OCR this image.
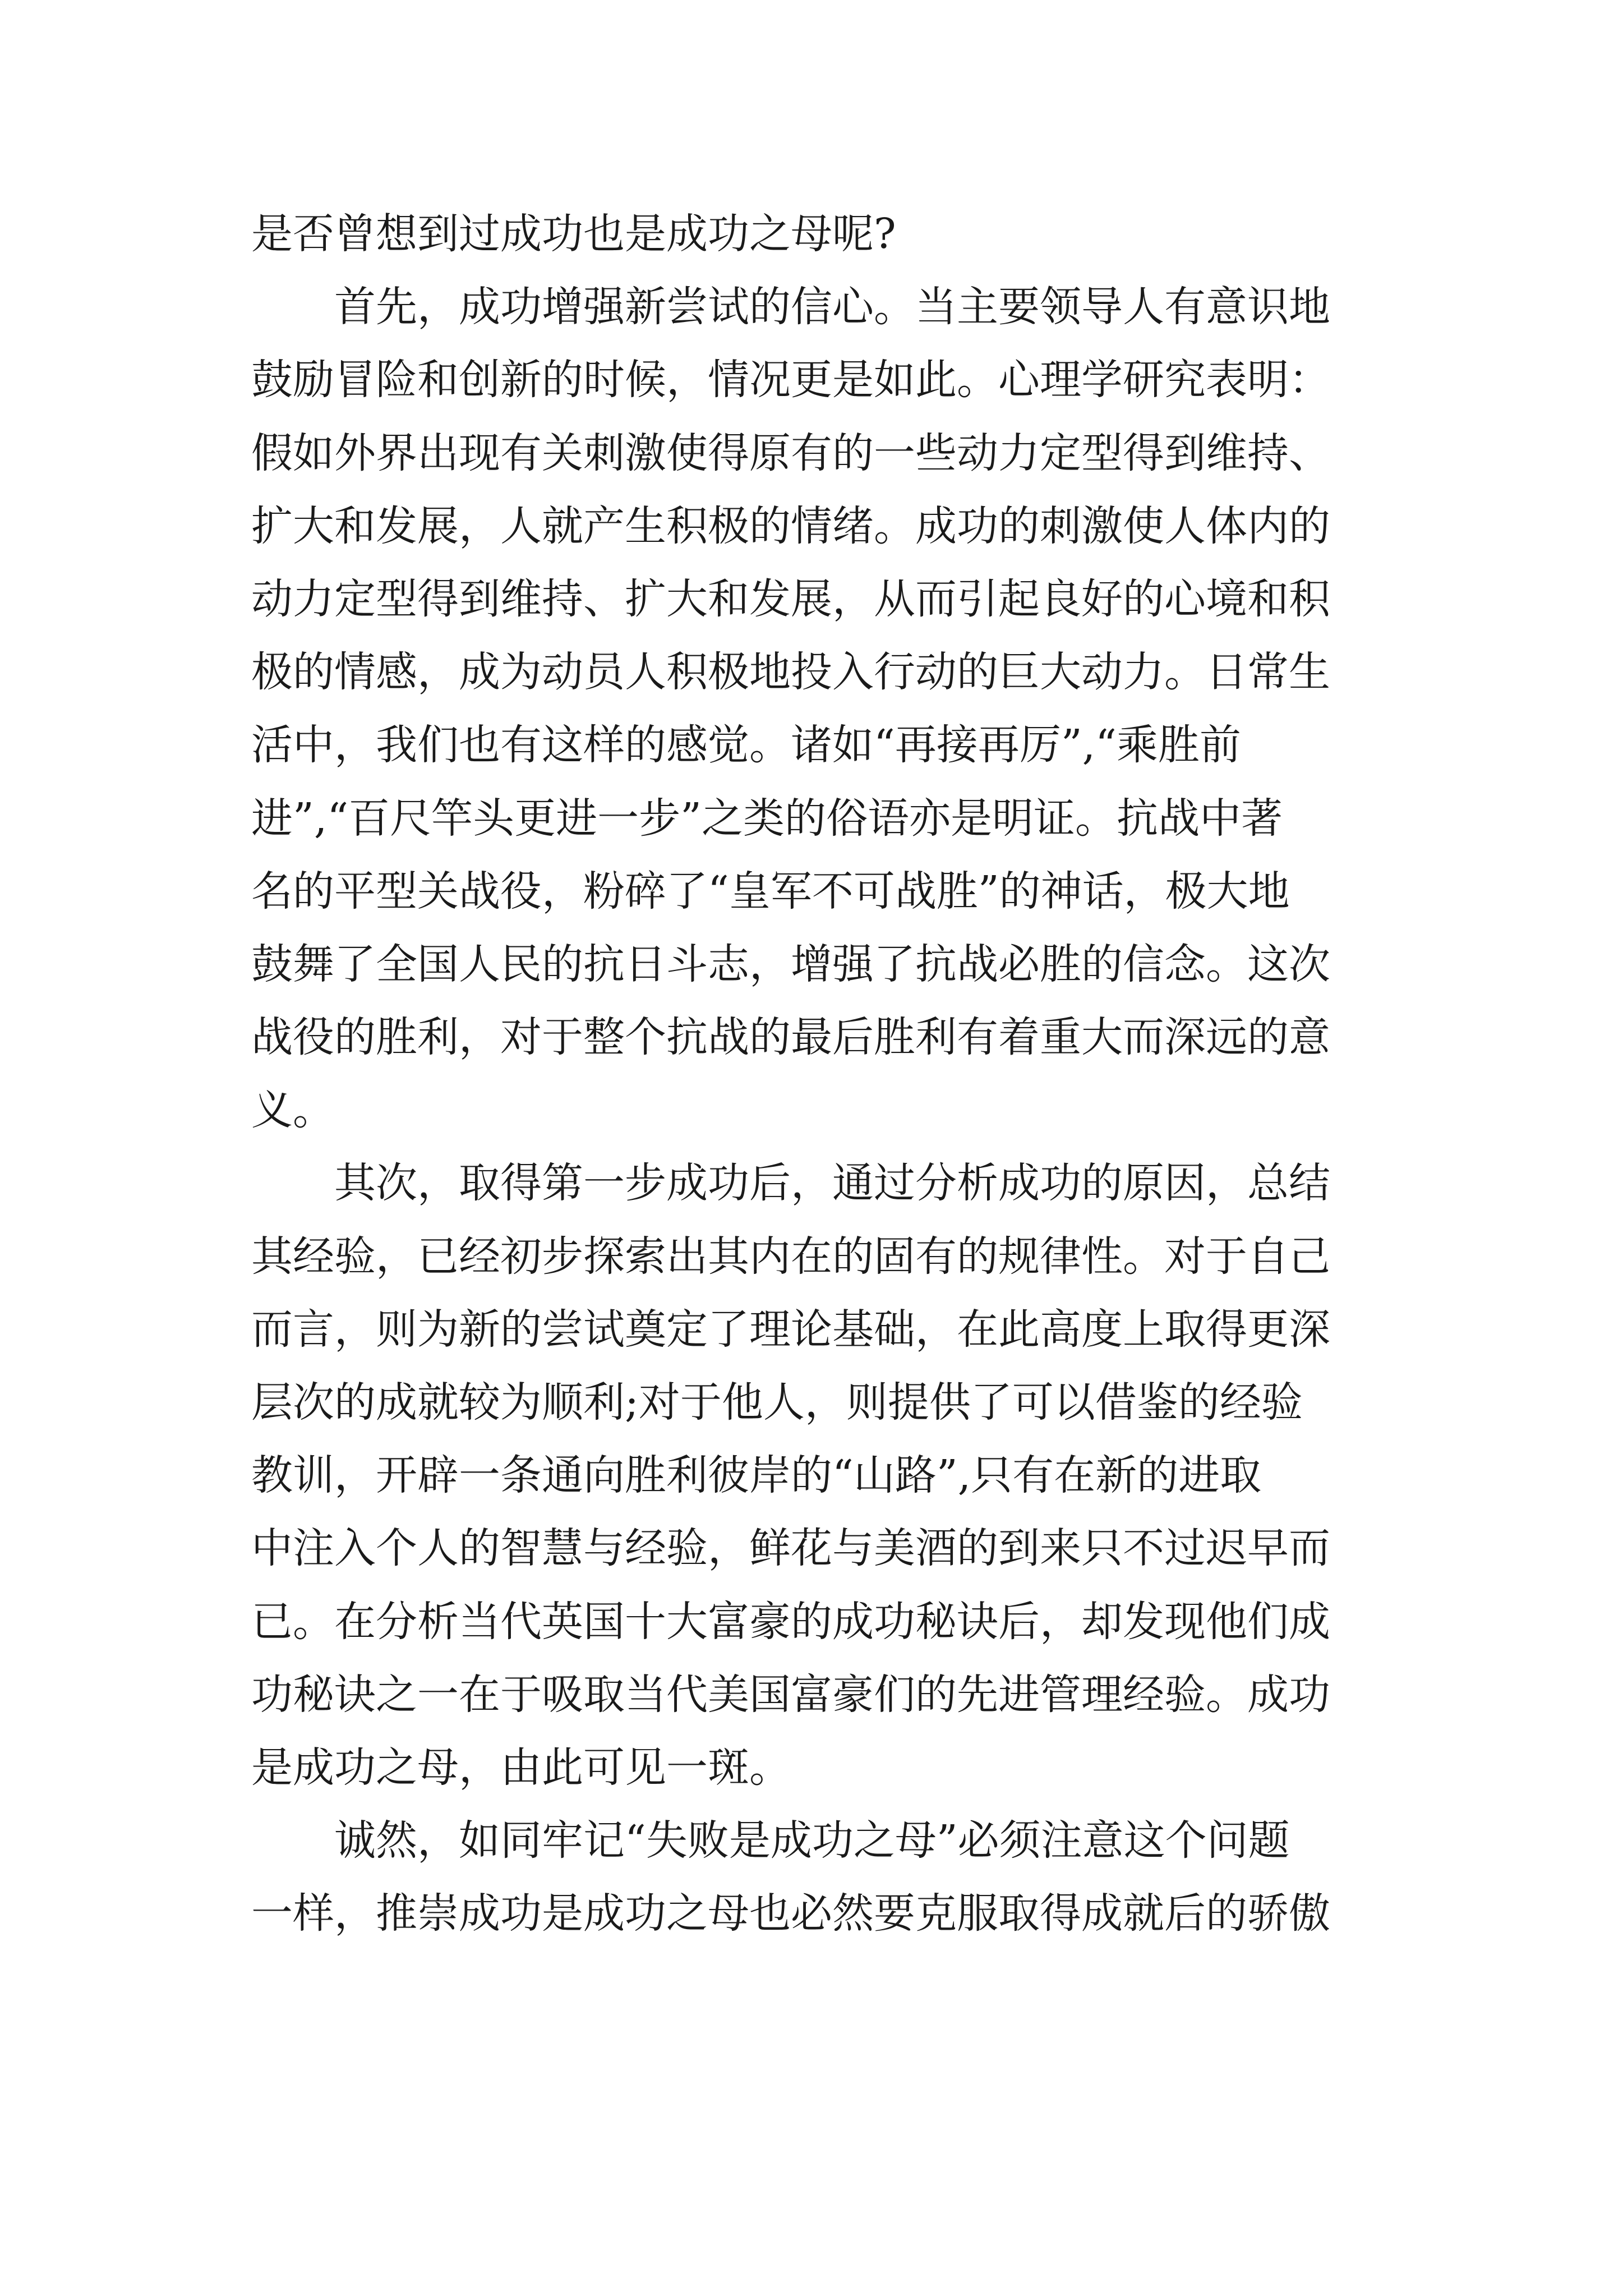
是否曾想到过成功也是成功之母呢?
首先，成功增强新尝试的信心。当主要领导人有意识地
鼓励冒险和创新的时候，情况更是如此。心理学研究表明：
假如外界出现有关刺激使得原有的一些动力定型得到维持、
扩大和发展，人就产生积极的情绪。成功的刺激使人体内的
动力定型得到维持、扩大和发展，从而引起良好的心境和积
极的情感，成为动员人积极地投入行动的巨大动力。日常生
活中，我们也有这样的感觉。诸如“再接再厉”,“乘胜前
进”,“百尺竿头更进一步”之类的俗语亦是明证。抗战中著
名的平型关战役，粉碎了“皇军不可战胜”的神话，极大地
鼓舞了全国人民的抗日斗志，增强了抗战必胜的信念。这次
战役的胜利，对于整个抗战的最后胜利有着重大而深远的意
义。
其次，取得第一步成功后，通过分析成功的原因，总结
其经验，已经初步探索出其内在的固有的规律性。对于自己
而言，则为新的尝试奠定了理论基础，在此高度上取得更深
层次的成就较为顺利;对于他人，则提供了可以借鉴的经验
教训，开辟一条通向胜利彼岸的“山路”,只有在新的进取
中注入个人的智慧与经验，鲜花与美酒的到来只不过迟早而
已。在分析当代英国十大富豪的成功秘诀后，却发现他们成
功秘诀之一在于吸取当代美国富豪们的先进管理经验。成功
是成功之母，由此可见一斑。
诚然，如同牢记“失败是成功之母”必须注意这个问题
一样，推崇成功是成功之母也必然要克服取得成就后的骄傲
